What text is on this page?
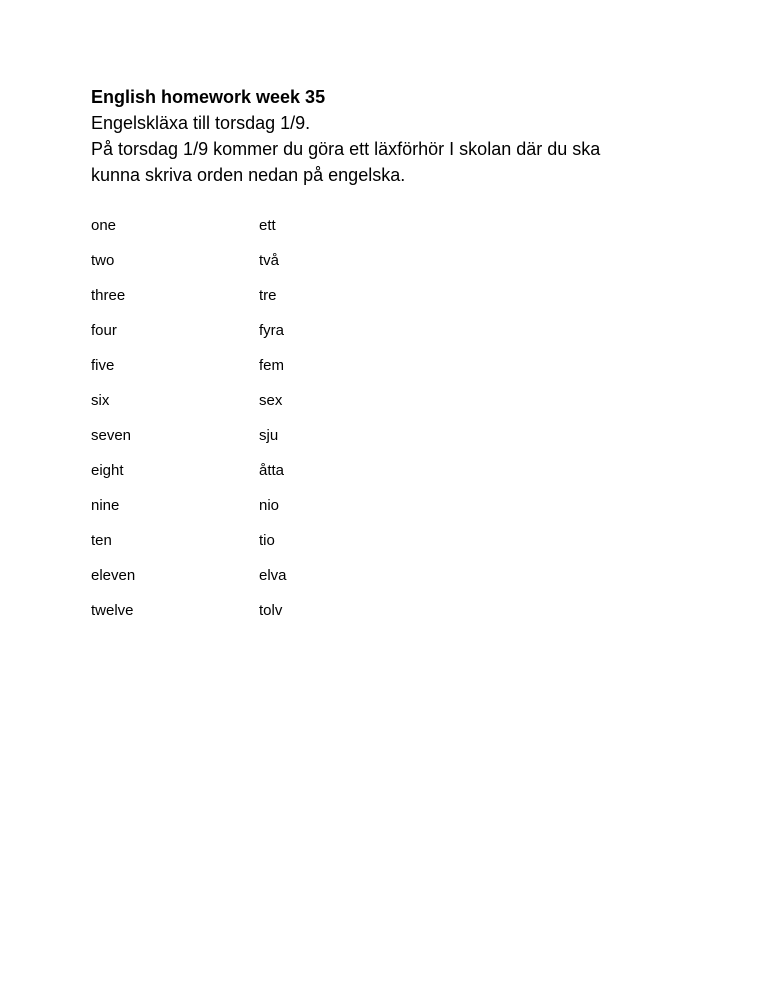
English homework week 35

Engelskläxa till torsdag 1/9.

På torsdag 1/9 kommer du göra ett läxförhör I skolan där du ska

kunna skriva orden nedan på engelska.

one	ett
two	två
three	tre
four	fyra
five	fem
six	sex
seven	sju
eight	åtta
nine	nio
ten	tio
eleven	elva
twelve	tolv
